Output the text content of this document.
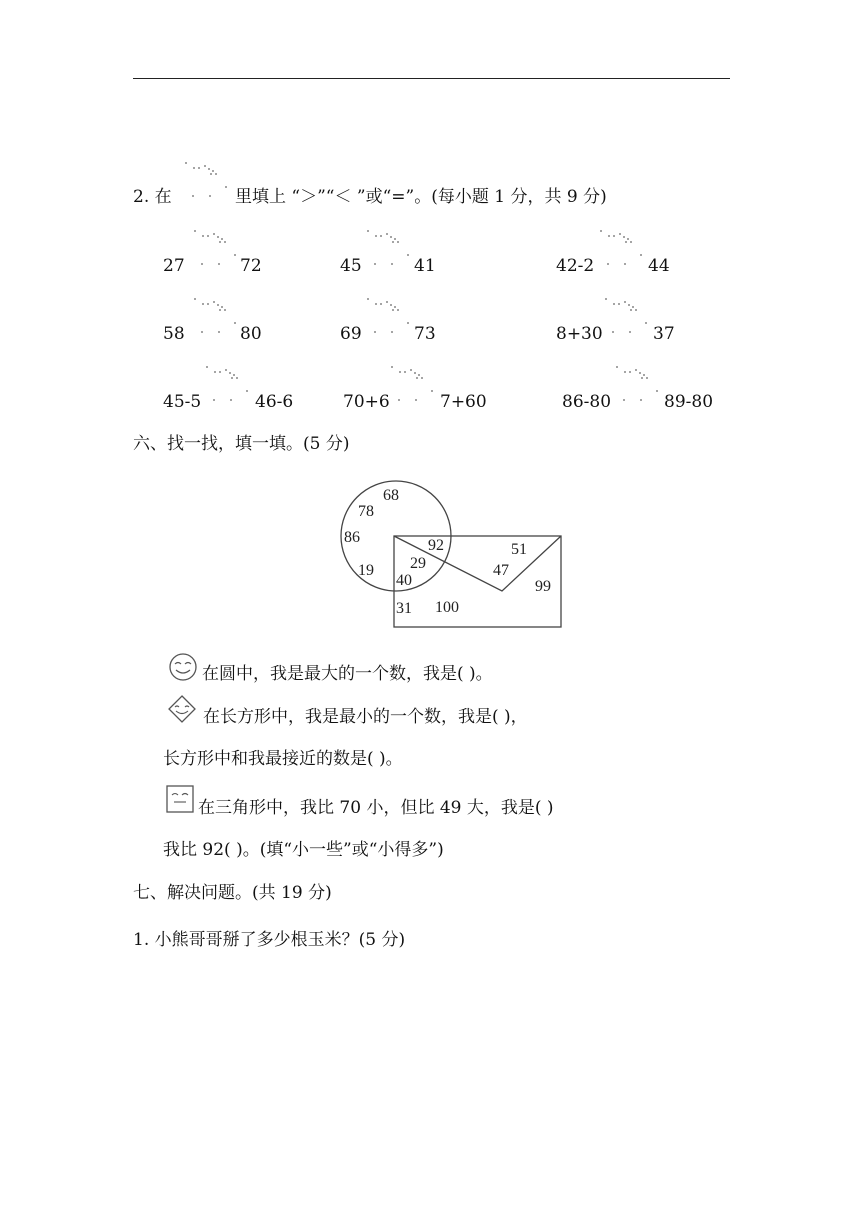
2. 在	里填上 “＞”“＜ ”或“=”。(每小题 1 分，共 9 分)
27	72	45	41	42-2	44
58	80	69	73	8+30	37
45-5	46-6	70+6	7+60	86-80	89-80
六、找一找，填一填。(5 分)
68
78
86
19
92
29
40
51
47
99
31 100
在圆中，我是最大的一个数，我是( )。
在长方形中，我是最小的一个数，我是( )，
长方形中和我最接近的数是( )。
在三角形中，我比 70 小，但比 49 大，我是( )
我比 92( )。(填“小一些”或“小得多”)
七、解决问题。(共 19 分)
1. 小熊哥哥掰了多少根玉米？(5 分)
